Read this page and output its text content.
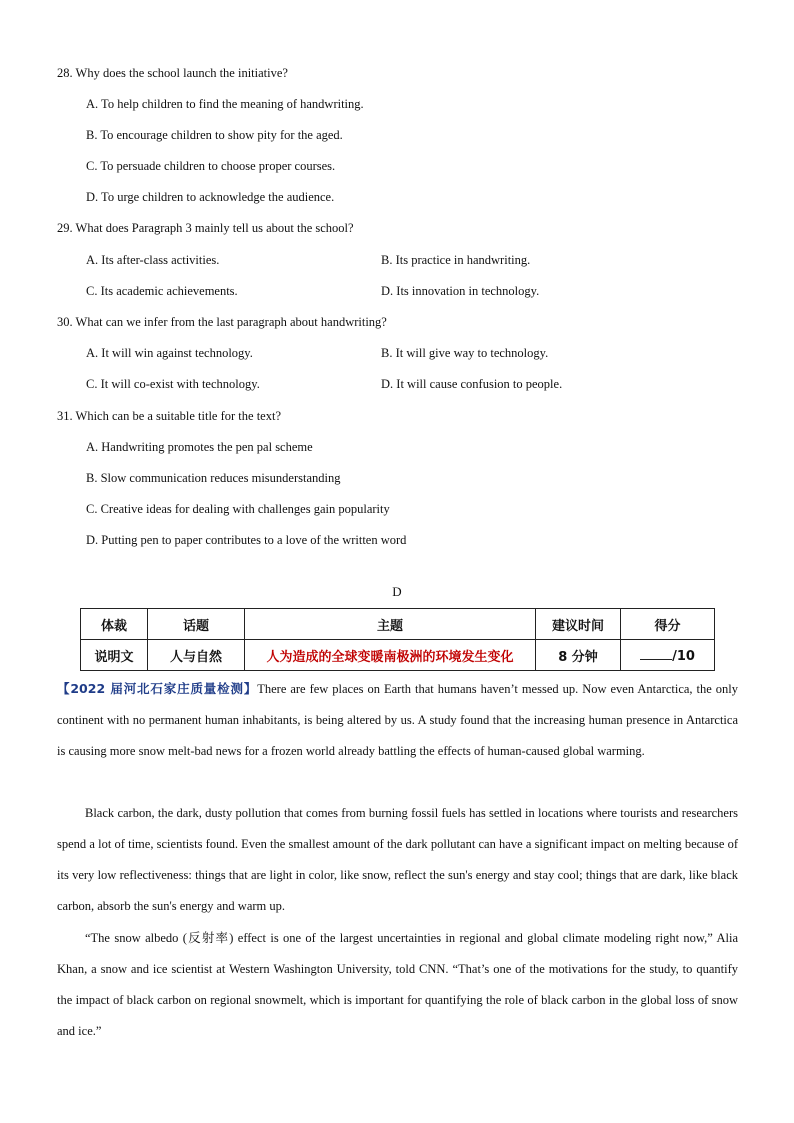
28. Why does the school launch the initiative?
A. To help children to find the meaning of handwriting.
B. To encourage children to show pity for the aged.
C. To persuade children to choose proper courses.
D. To urge children to acknowledge the audience.
29. What does Paragraph 3 mainly tell us about the school?
A. Its after-class activities.	B. Its practice in handwriting.
C. Its academic achievements.	D. Its innovation in technology.
30. What can we infer from the last paragraph about handwriting?
A. It will win against technology.	B. It will give way to technology.
C. It will co-exist with technology.	D. It will cause confusion to people.
31. Which can be a suitable title for the text?
A. Handwriting promotes the pen pal scheme
B. Slow communication reduces misunderstanding
C. Creative ideas for dealing with challenges gain popularity
D. Putting pen to paper contributes to a love of the written word
D
体裁	话题	主题	建议时间	得分
说明文	人与自然	人为造成的全球变暖南极洲的环境发生变化	8 分钟	/10
【2022 届河北石家庄质量检测】There are few places on Earth that humans haven’t messed up. Now even Antarctica, the only continent with no permanent human inhabitants, is being altered by us. A study found that the increasing human presence in Antarctica is causing more snow melt-bad news for a frozen world already battling the effects of human-caused global warming.
Black carbon, the dark, dusty pollution that comes from burning fossil fuels has settled in locations where tourists and researchers spend a lot of time, scientists found. Even the smallest amount of the dark pollutant can have a significant impact on melting because of its very low reflectiveness: things that are light in color, like snow, reflect the sun's energy and stay cool; things that are dark, like black carbon, absorb the sun's energy and warm up.
“The snow albedo (反射率) effect is one of the largest uncertainties in regional and global climate modeling right now,” Alia Khan, a snow and ice scientist at Western Washington University, told CNN. “That’s one of the motivations for the study, to quantify the impact of black carbon on regional snowmelt, which is important for quantifying the role of black carbon in the global loss of snow and ice.”
